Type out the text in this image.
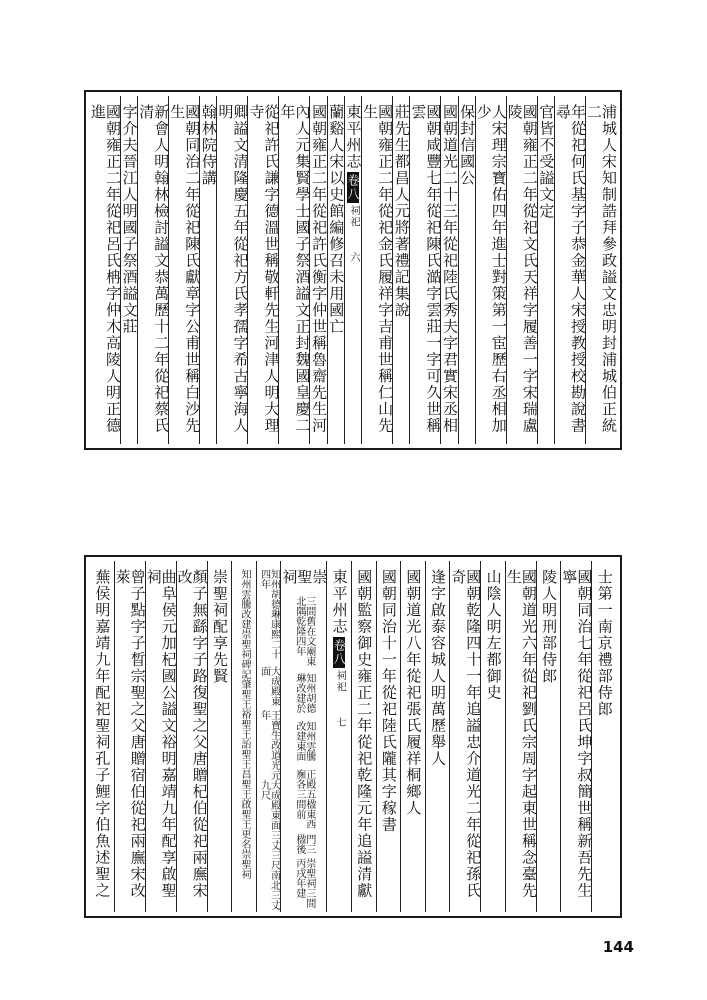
浦城人宋知制誥拜參政謚文忠明封浦城伯正統二
年從祀何氏基字子恭金華人宋授教授校勘說書尋
官皆不受謚文定
國朝雍正二年從祀文氏天祥字履善一字宋瑞盧陵
人宋理宗寶佑四年進士對策第一宦歷右丞相加少
保封信國公
國朝道光二十三年從祀陸氏秀夫字君實宋丞相
國朝咸豐七年從祀陳氏澔字雲莊一字可久世稱雲
莊先生都昌人元將著禮記集說
國朝雍正二年從祀金氏履祥字吉甫世稱仁山先生
東平州志
卷八
祠祀
六
蘭谿人宋以史館編修召未用國亡
國朝雍正二年從祀許氏衡字仲世稱魯齋先生河
內人元集賢學士國子祭酒謚文正封魏國皇慶二年
從祀許氏謙字德溫世稱敬軒先生河津人明大理寺
卿謚文清隆慶五年從祀方氏孝孺字希古寧海人明
翰林院侍講
國朝同治二年從祀陳氏獻章字公甫世稱白沙先生
新會人明翰林檢討謚文恭萬歷十二年從祀蔡氏清
字介夫晉江人明國子祭酒謚文莊
國朝雍正二年從祀呂氏柟字仲木高陵人明正德進
士第一南京禮部侍郎
國朝同治七年從祀呂氏坤字叔簡世稱新吾先生寧
陵人明刑部侍郎
國朝道光六年從祀劉氏宗周字起東世稱念臺先生
山陰人明左都御史
國朝乾隆四十一年追謚忠介道光二年從祀孫氏奇
逢字啟泰容城人明萬歷舉人
國朝道光八年從祀張氏履祥桐鄉人
國朝同治十一年從祀陸氏隴其字稼書
國朝監察御史雍正二年從祀乾隆元年追謚清獻
東平州志
卷八
祠祀
七
崇聖祠
三間舊在文廟東北隅乾隆四年
知州胡德琳改建於
知州雲騰改建東面
正殿五楹東西廡各三間前
門三楹後
崇聖祠三間丙戌年建
知州胡德琳康熙二十四年
大成殿東面
王寶生改道光元年
大成殿東面三丈三尺南北三丈九尺
知州雲騰改建
崇聖祠碑記
肇聖王裕聖王詒聖王昌聖王啟聖王
更名崇聖祠
崇聖祠配享先賢
顏子無繇字子路復聖之父唐贈杞伯從祀兩廡宋改
曲阜侯元加杞國公謚文裕明嘉靖九年配享啟聖祠
曾子點字子晳宗聖之父唐贈宿伯從祀兩廡宋改萊
蕪侯明嘉靖九年配祀聖祠孔子鯉字伯魚述聖之
144
